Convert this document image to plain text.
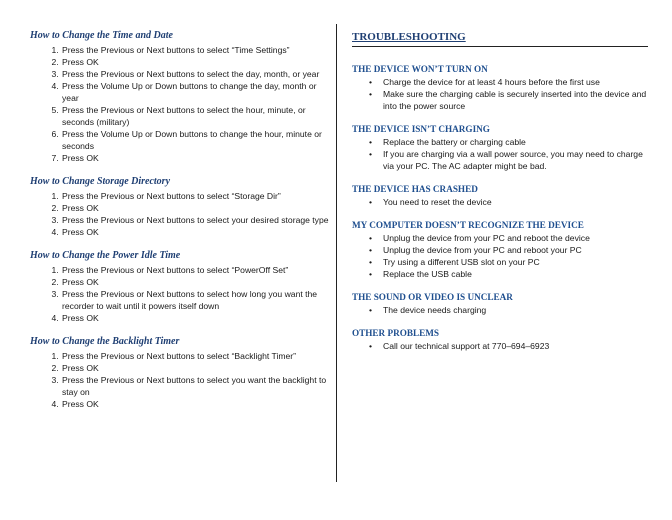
How to Change the Time and Date
1. Press the Previous or Next buttons to select “Time Settings”
2. Press OK
3. Press the Previous or Next buttons to select the day, month, or year
4. Press the Volume Up or Down buttons to change the day, month or year
5. Press the Previous or Next buttons to select the hour, minute, or seconds (military)
6. Press the Volume Up or Down buttons to change the hour, minute or seconds
7. Press OK
How to Change Storage Directory
1. Press the Previous or Next buttons to select “Storage Dir”
2. Press OK
3. Press the Previous or Next buttons to select your desired storage type
4. Press OK
How to Change the Power Idle Time
1. Press the Previous or Next buttons to select “PowerOff Set”
2. Press OK
3. Press the Previous or Next buttons to select how long you want the recorder to wait until it powers itself down
4. Press OK
How to Change the Backlight Timer
1. Press the Previous or Next buttons to select “Backlight Timer”
2. Press OK
3. Press the Previous or Next buttons to select you want the backlight to stay on
4. Press OK
TROUBLESHOOTING
THE DEVICE WON’T TURN ON
• Charge the device for at least 4 hours before the first use
• Make sure the charging cable is securely inserted into the device and into the power source
THE DEVICE ISN’T CHARGING
• Replace the battery or charging cable
• If you are charging via a wall power source, you may need to charge via your PC. The AC adapter might be bad.
THE DEVICE HAS CRASHED
• You need to reset the device
MY COMPUTER DOESN’T RECOGNIZE THE DEVICE
• Unplug the device from your PC and reboot the device
• Unplug the device from your PC and reboot your PC
• Try using a different USB slot on your PC
• Replace the USB cable
THE SOUND OR VIDEO IS UNCLEAR
• The device needs charging
OTHER PROBLEMS
• Call our technical support at 770–694–6923
